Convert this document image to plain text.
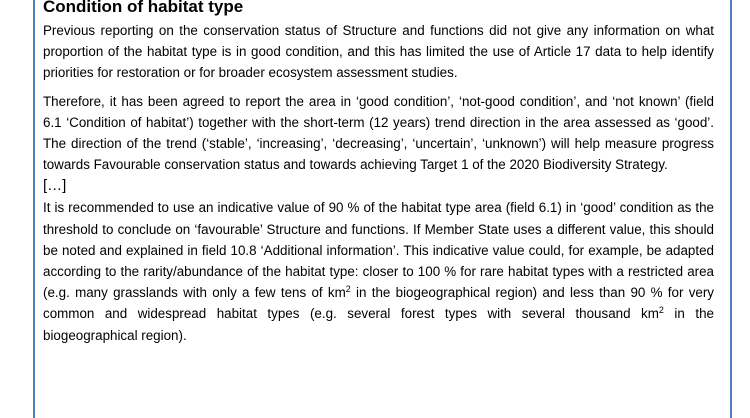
Condition of habitat type

Previous reporting on the conservation status of Structure and functions did not give any information on what proportion of the habitat type is in good condition, and this has limited the use of Article 17 data to help identify priorities for restoration or for broader ecosystem assessment studies.

Therefore, it has been agreed to report the area in ‘good condition’, ‘not-good condition’, and ‘not known’ (field 6.1 ‘Condition of habitat’) together with the short-term (12 years) trend direction in the area assessed as ‘good’. The direction of the trend (‘stable’, ‘increasing’, ‘decreasing’, ‘uncertain’, ‘unknown’) will help measure progress towards Favourable conservation status and towards achieving Target 1 of the 2020 Biodiversity Strategy.

[…]

It is recommended to use an indicative value of 90 % of the habitat type area (field 6.1) in ‘good’ condition as the threshold to conclude on ‘favourable’ Structure and functions. If Member State uses a different value, this should be noted and explained in field 10.8 ‘Additional information’. This indicative value could, for example, be adapted according to the rarity/abundance of the habitat type: closer to 100 % for rare habitat types with a restricted area (e.g. many grasslands with only a few tens of $km^2$ in the biogeographical region) and less than 90 % for very common and widespread habitat types (e.g. several forest types with several thousand $km^2$ in the biogeographical region).
